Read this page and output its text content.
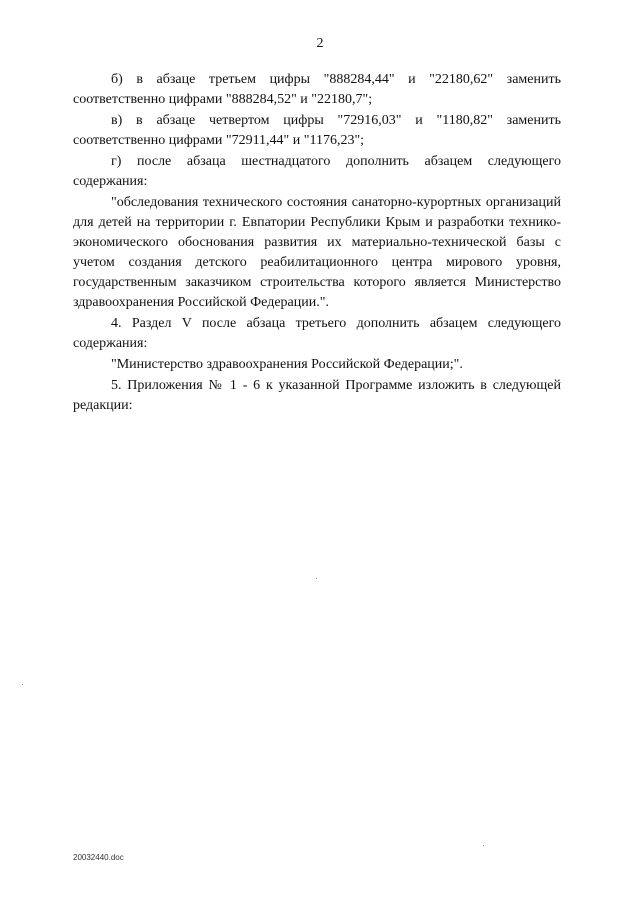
2

б) в абзаце третьем цифры "888284,44" и "22180,62" заменить соответственно цифрами "888284,52" и "22180,7";

в) в абзаце четвертом цифры "72916,03" и "1180,82" заменить соответственно цифрами "72911,44" и "1176,23";

г) после абзаца шестнадцатого дополнить абзацем следующего содержания:

"обследования технического состояния санаторно-курортных организаций для детей на территории г. Евпатории Республики Крым и разработки технико-экономического обоснования развития их материально-технической базы с учетом создания детского реабилитационного центра мирового уровня, государственным заказчиком строительства которого является Министерство здравоохранения Российской Федерации.".

4. Раздел V после абзаца третьего дополнить абзацем следующего содержания:

"Министерство здравоохранения Российской Федерации;".

5. Приложения № 1 - 6 к указанной Программе изложить в следующей редакции:

20032440.doc
